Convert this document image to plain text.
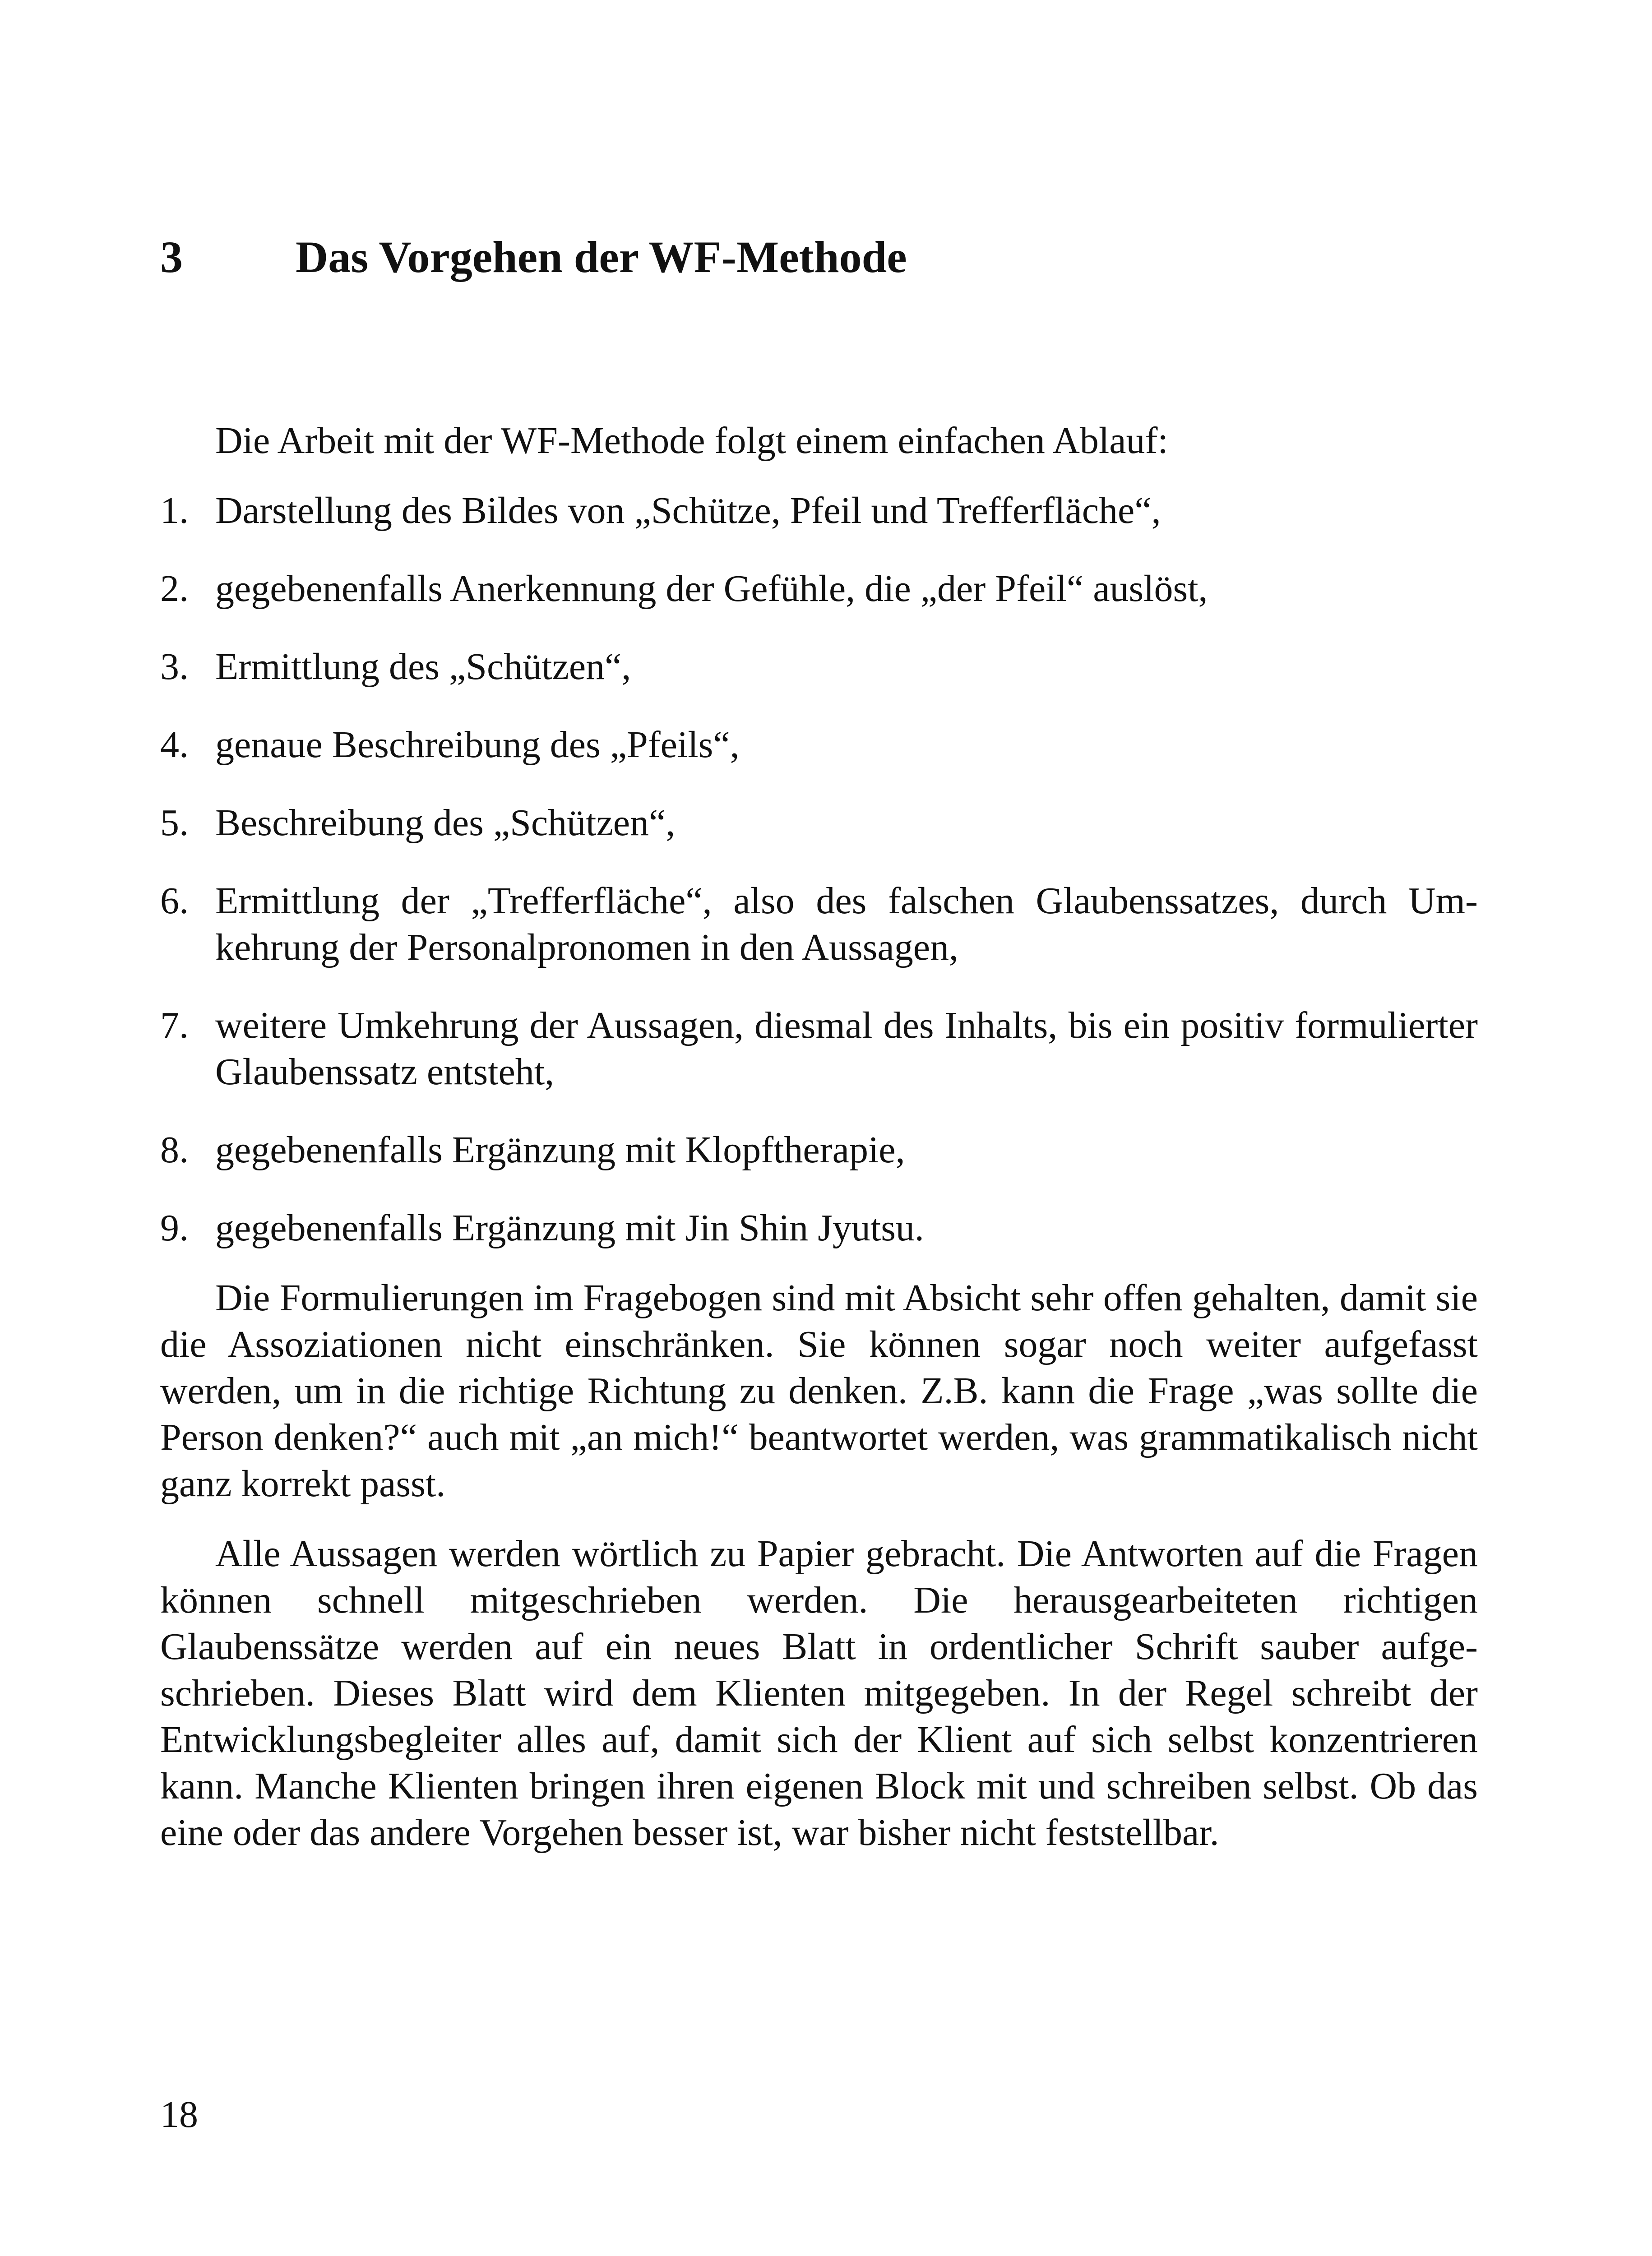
3	Das Vorgehen der WF-Methode

Die Arbeit mit der WF-Methode folgt einem einfachen Ablauf:

1. Darstellung des Bildes von „Schütze, Pfeil und Trefferfläche“,
2. gegebenenfalls Anerkennung der Gefühle, die „der Pfeil“ auslöst,
3. Ermittlung des „Schützen“,
4. genaue Beschreibung des „Pfeils“,
5. Beschreibung des „Schützen“,
6. Ermittlung der „Trefferfläche“, also des falschen Glaubenssatzes, durch Umkehrung der Personalpronomen in den Aussagen,
7. weitere Umkehrung der Aussagen, diesmal des Inhalts, bis ein positiv formulierter Glaubenssatz entsteht,
8. gegebenenfalls Ergänzung mit Klopftherapie,
9. gegebenenfalls Ergänzung mit Jin Shin Jyutsu.

Die Formulierungen im Fragebogen sind mit Absicht sehr offen gehalten, damit sie die Assoziationen nicht einschränken. Sie können sogar noch weiter aufgefasst werden, um in die richtige Richtung zu denken. Z.B. kann die Frage „was sollte die Person denken?“ auch mit „an mich!“ beantwortet werden, was grammatikalisch nicht ganz korrekt passt.

Alle Aussagen werden wörtlich zu Papier gebracht. Die Antworten auf die Fragen können schnell mitgeschrieben werden. Die herausgearbeiteten richtigen Glaubenssätze werden auf ein neues Blatt in ordentlicher Schrift sauber aufgeschrieben. Dieses Blatt wird dem Klienten mitgegeben. In der Regel schreibt der Entwicklungsbegleiter alles auf, damit sich der Klient auf sich selbst konzentrieren kann. Manche Klienten bringen ihren eigenen Block mit und schreiben selbst. Ob das eine oder das andere Vorgehen besser ist, war bisher nicht feststellbar.

18
